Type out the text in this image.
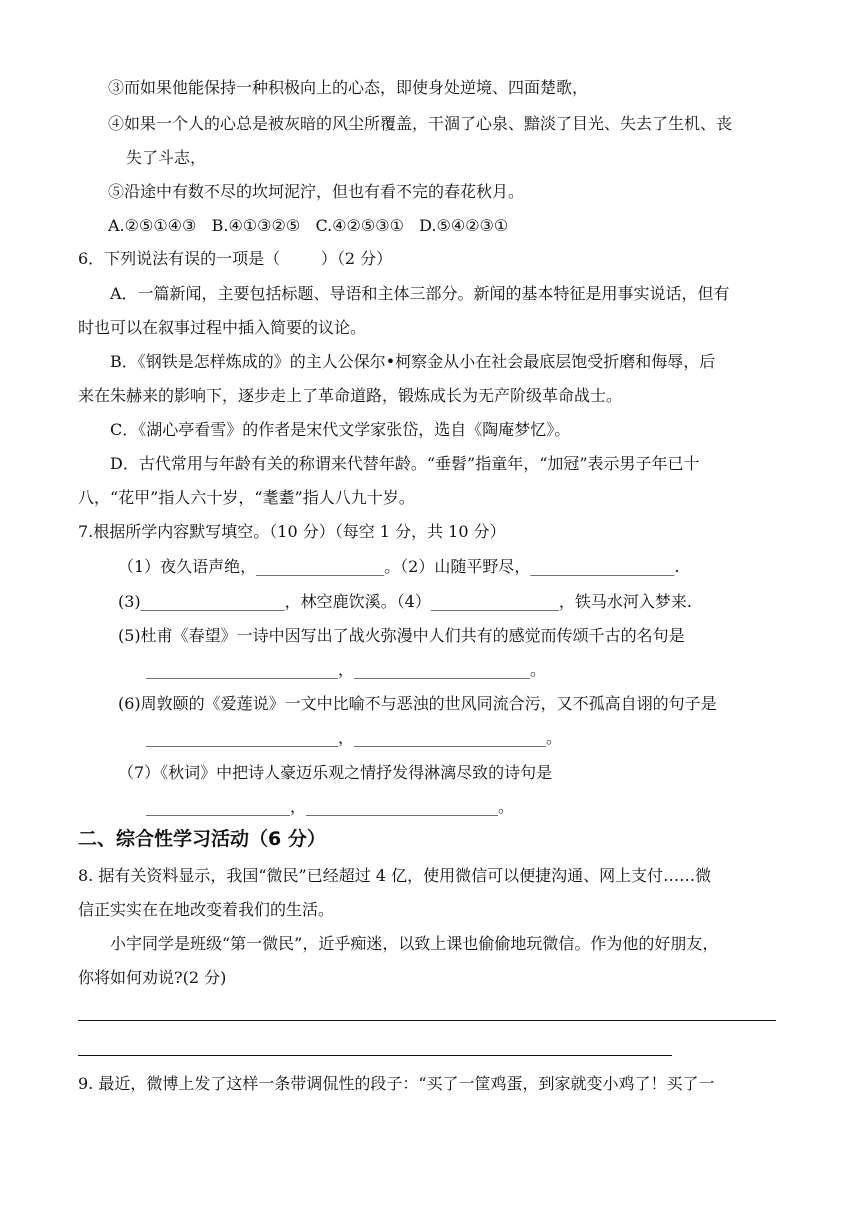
③而如果他能保持一种积极向上的心态，即使身处逆境、四面楚歌，
④如果一个人的心总是被灰暗的风尘所覆盖，干涸了心泉、黯淡了目光、失去了生机、丧
失了斗志，
⑤沿途中有数不尽的坎坷泥泞，但也有看不完的春花秋月。
A.②⑤①④③   B.④①③②⑤   C.④②⑤③①   D.⑤④②③①
6．下列说法有误的一项是（        ）（2 分）
A．一篇新闻，主要包括标题、导语和主体三部分。新闻的基本特征是用事实说话，但有
时也可以在叙事过程中插入简要的议论。
B．《钢铁是怎样炼成的》的主人公保尔•柯察金从小在社会最底层饱受折磨和侮辱，后
来在朱赫来的影响下，逐步走上了革命道路，锻炼成长为无产阶级革命战士。
C．《湖心亭看雪》的作者是宋代文学家张岱，选自《陶庵梦忆》。
D．古代常用与年龄有关的称谓来代替年龄。“垂髫”指童年，“加冠”表示男子年已十
八，“花甲”指人六十岁，“耄耋”指人八九十岁。
7.根据所学内容默写填空。（10 分）（每空 1 分，共 10 分）
（1）夜久语声绝，________________。（2）山随平野尽，__________________.
(3)__________________，林空鹿饮溪。（4）________________，铁马水河入梦来.
(5)杜甫《春望》一诗中因写出了战火弥漫中人们共有的感觉而传颂千古的名句是
________________________，______________________。
(6)周敦颐的《爱莲说》一文中比喻不与恶浊的世风同流合污，又不孤高自诩的句子是
________________________，________________________。
（7）《秋词》中把诗人豪迈乐观之情抒发得淋漓尽致的诗句是
__________________，________________________。
二、综合性学习活动（6 分）
8. 据有关资料显示，我国“微民”已经超过 4 亿，使用微信可以便捷沟通、网上支付……微
信正实实在在地改变着我们的生活。
小宇同学是班级“第一微民”，近乎痴迷，以致上课也偷偷地玩微信。作为他的好朋友，
你将如何劝说?(2 分)
9. 最近，微博上发了这样一条带调侃性的段子：“买了一筐鸡蛋，到家就变小鸡了！买了一
